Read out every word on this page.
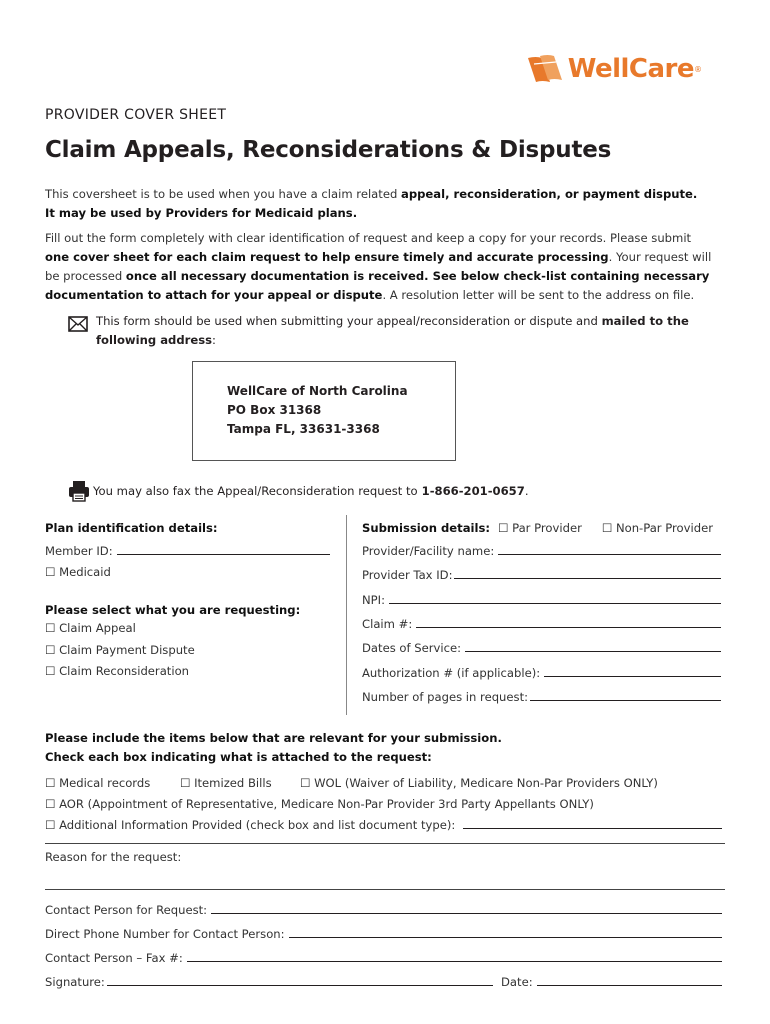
WellCare ®
PROVIDER COVER SHEET
Claim Appeals, Reconsiderations & Disputes
This coversheet is to be used when you have a claim related appeal, reconsideration, or payment dispute.
It may be used by Providers for Medicaid plans.
Fill out the form completely with clear identification of request and keep a copy for your records. Please submit one cover sheet for each claim request to help ensure timely and accurate processing. Your request will be processed once all necessary documentation is received. See below check-list containing necessary documentation to attach for your appeal or dispute. A resolution letter will be sent to the address on file.
This form should be used when submitting your appeal/reconsideration or dispute and mailed to the following address:
WellCare of North Carolina
PO Box 31368
Tampa FL, 33631-3368
You may also fax the Appeal/Reconsideration request to 1-866-201-0657 .
Plan identification details:
Member ID:
☐ Medicaid
Please select what you are requesting:
☐ Claim Appeal
☐ Claim Payment Dispute
☐ Claim Reconsideration
Submission details: ☐ Par Provider ☐ Non-Par Provider
Provider/Facility name:
Provider Tax ID:
NPI:
Claim #:
Dates of Service:
Authorization # (if applicable):
Number of pages in request:
Please include the items below that are relevant for your submission.
Check each box indicating what is attached to the request:
☐ Medical records	☐ Itemized Bills ☐ WOL (Waiver of Liability, Medicare Non-Par Providers ONLY)
☐ AOR (Appointment of Representative, Medicare Non-Par Provider 3rd Party Appellants ONLY)
☐ Additional Information Provided (check box and list document type):
Reason for the request:
Contact Person for Request:
Direct Phone Number for Contact Person:
Contact Person – Fax #:
Signature:	Date:
